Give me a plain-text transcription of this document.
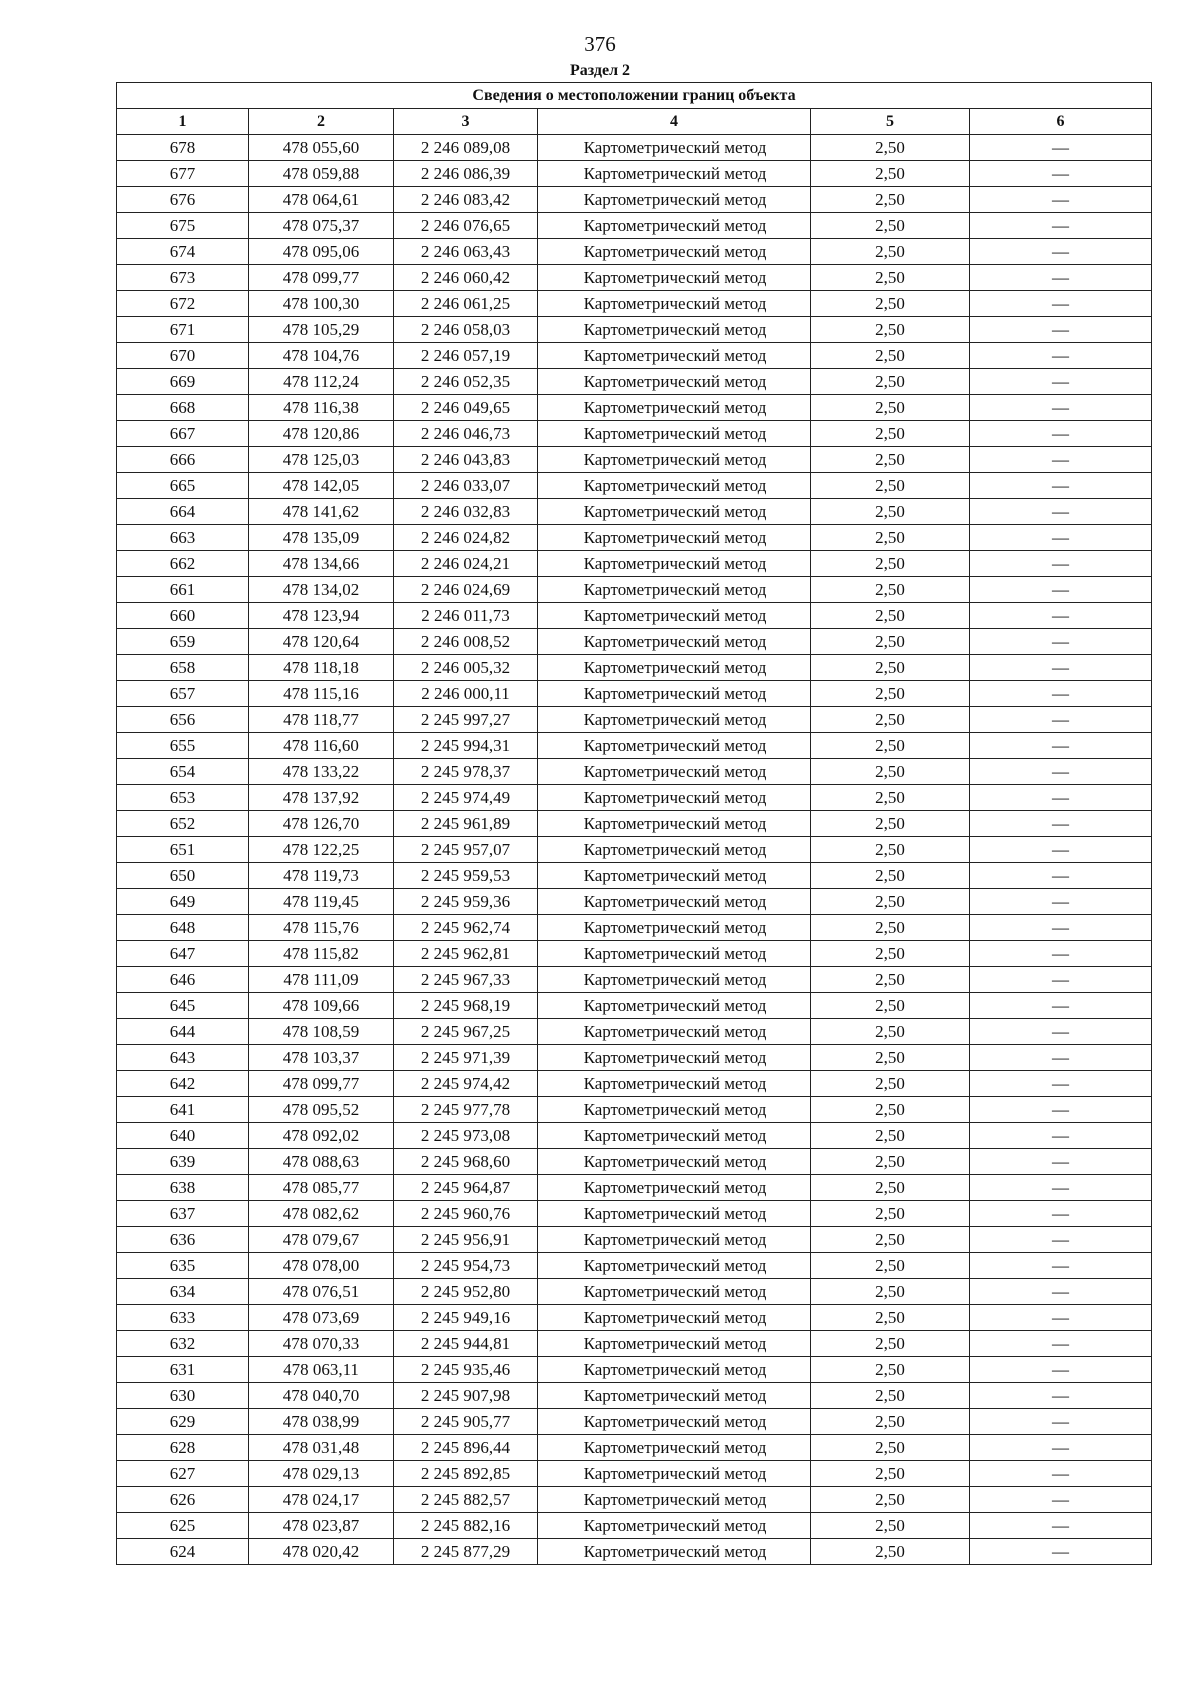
376
Раздел 2
Сведения о местоположении границ объекта					
1	2	3	4	5	6
678	478 055,60	2 246 089,08	Картометрический метод	2,50	—
677	478 059,88	2 246 086,39	Картометрический метод	2,50	—
676	478 064,61	2 246 083,42	Картометрический метод	2,50	—
675	478 075,37	2 246 076,65	Картометрический метод	2,50	—
674	478 095,06	2 246 063,43	Картометрический метод	2,50	—
673	478 099,77	2 246 060,42	Картометрический метод	2,50	—
672	478 100,30	2 246 061,25	Картометрический метод	2,50	—
671	478 105,29	2 246 058,03	Картометрический метод	2,50	—
670	478 104,76	2 246 057,19	Картометрический метод	2,50	—
669	478 112,24	2 246 052,35	Картометрический метод	2,50	—
668	478 116,38	2 246 049,65	Картометрический метод	2,50	—
667	478 120,86	2 246 046,73	Картометрический метод	2,50	—
666	478 125,03	2 246 043,83	Картометрический метод	2,50	—
665	478 142,05	2 246 033,07	Картометрический метод	2,50	—
664	478 141,62	2 246 032,83	Картометрический метод	2,50	—
663	478 135,09	2 246 024,82	Картометрический метод	2,50	—
662	478 134,66	2 246 024,21	Картометрический метод	2,50	—
661	478 134,02	2 246 024,69	Картометрический метод	2,50	—
660	478 123,94	2 246 011,73	Картометрический метод	2,50	—
659	478 120,64	2 246 008,52	Картометрический метод	2,50	—
658	478 118,18	2 246 005,32	Картометрический метод	2,50	—
657	478 115,16	2 246 000,11	Картометрический метод	2,50	—
656	478 118,77	2 245 997,27	Картометрический метод	2,50	—
655	478 116,60	2 245 994,31	Картометрический метод	2,50	—
654	478 133,22	2 245 978,37	Картометрический метод	2,50	—
653	478 137,92	2 245 974,49	Картометрический метод	2,50	—
652	478 126,70	2 245 961,89	Картометрический метод	2,50	—
651	478 122,25	2 245 957,07	Картометрический метод	2,50	—
650	478 119,73	2 245 959,53	Картометрический метод	2,50	—
649	478 119,45	2 245 959,36	Картометрический метод	2,50	—
648	478 115,76	2 245 962,74	Картометрический метод	2,50	—
647	478 115,82	2 245 962,81	Картометрический метод	2,50	—
646	478 111,09	2 245 967,33	Картометрический метод	2,50	—
645	478 109,66	2 245 968,19	Картометрический метод	2,50	—
644	478 108,59	2 245 967,25	Картометрический метод	2,50	—
643	478 103,37	2 245 971,39	Картометрический метод	2,50	—
642	478 099,77	2 245 974,42	Картометрический метод	2,50	—
641	478 095,52	2 245 977,78	Картометрический метод	2,50	—
640	478 092,02	2 245 973,08	Картометрический метод	2,50	—
639	478 088,63	2 245 968,60	Картометрический метод	2,50	—
638	478 085,77	2 245 964,87	Картометрический метод	2,50	—
637	478 082,62	2 245 960,76	Картометрический метод	2,50	—
636	478 079,67	2 245 956,91	Картометрический метод	2,50	—
635	478 078,00	2 245 954,73	Картометрический метод	2,50	—
634	478 076,51	2 245 952,80	Картометрический метод	2,50	—
633	478 073,69	2 245 949,16	Картометрический метод	2,50	—
632	478 070,33	2 245 944,81	Картометрический метод	2,50	—
631	478 063,11	2 245 935,46	Картометрический метод	2,50	—
630	478 040,70	2 245 907,98	Картометрический метод	2,50	—
629	478 038,99	2 245 905,77	Картометрический метод	2,50	—
628	478 031,48	2 245 896,44	Картометрический метод	2,50	—
627	478 029,13	2 245 892,85	Картометрический метод	2,50	—
626	478 024,17	2 245 882,57	Картометрический метод	2,50	—
625	478 023,87	2 245 882,16	Картометрический метод	2,50	—
624	478 020,42	2 245 877,29	Картометрический метод	2,50	—
